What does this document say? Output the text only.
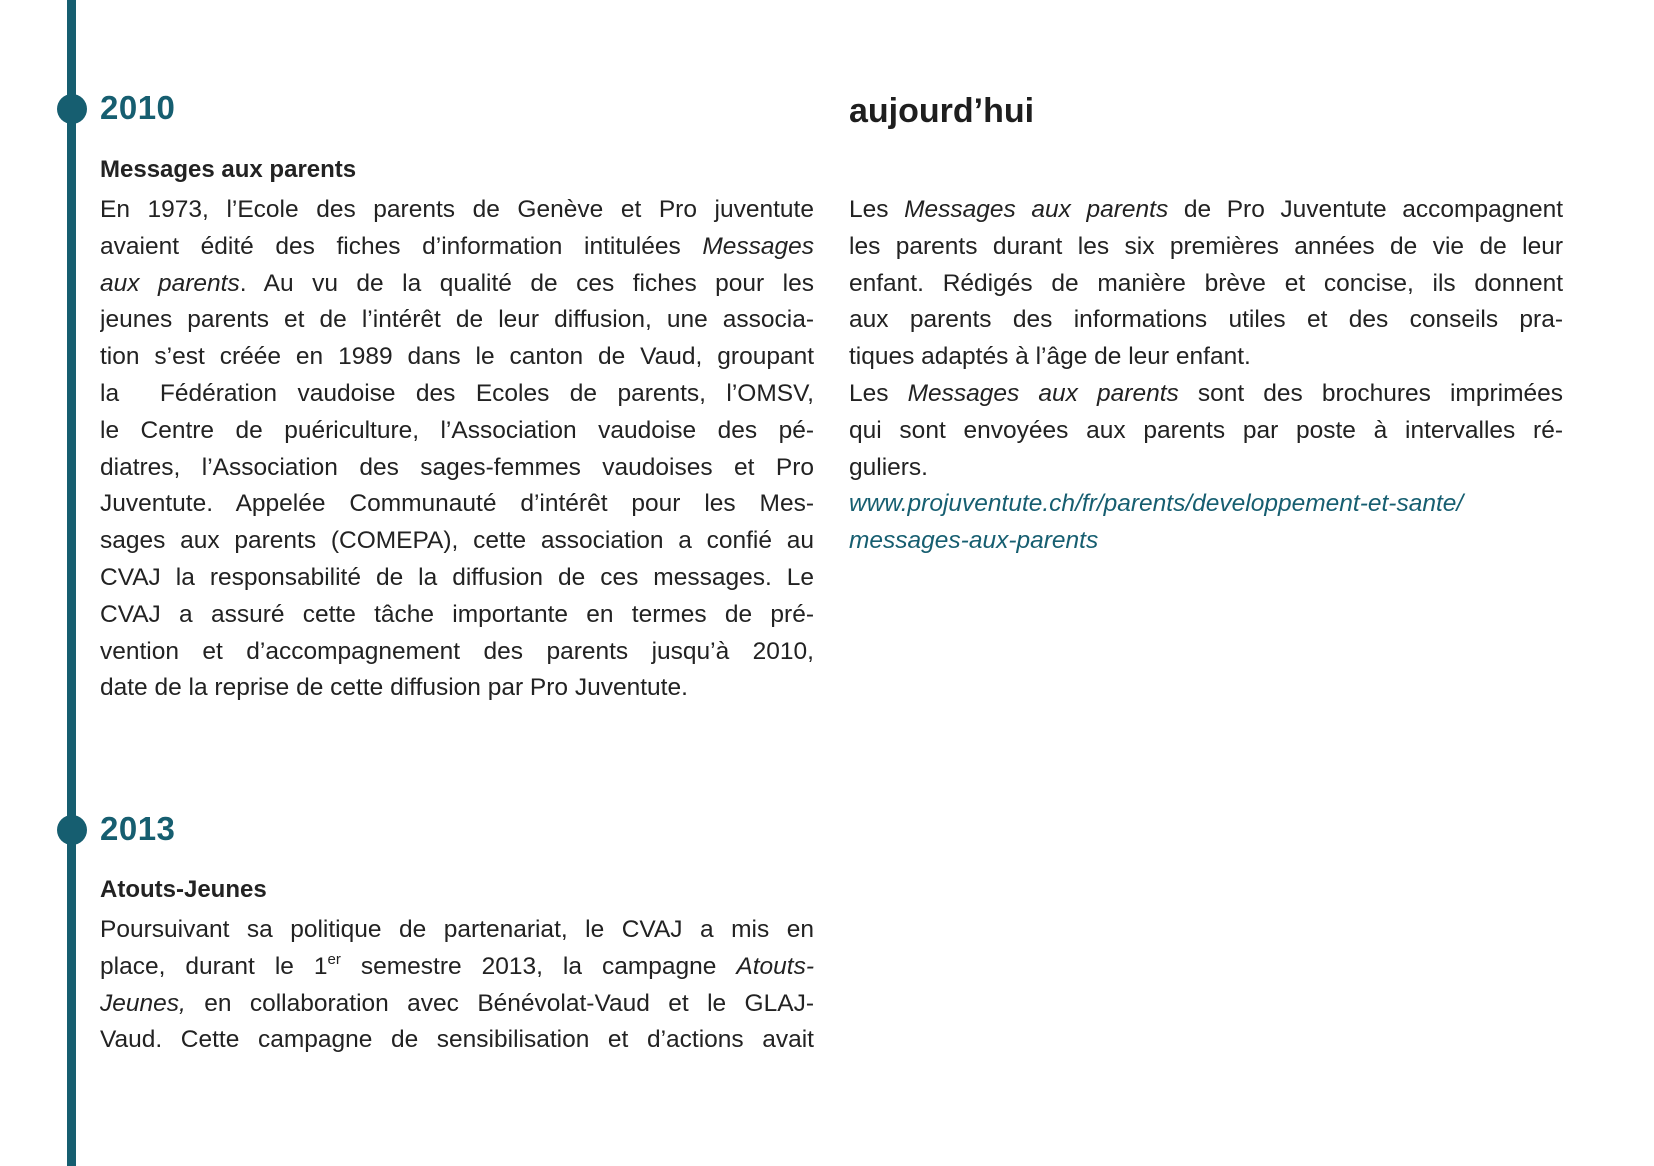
2010
Messages aux parents
En 1973, l’Ecole des parents de Genève et Pro juventute
avaient édité des fiches d’information intitulées Messages
aux parents. Au vu de la qualité de ces fiches pour les
jeunes parents et de l’intérêt de leur diffusion, une associa-
tion s’est créée en 1989 dans le canton de Vaud, groupant
la  Fédération vaudoise des Ecoles de parents, l’OMSV,
le Centre de puériculture, l’Association vaudoise des pé-
diatres, l’Association des sages-femmes vaudoises et Pro
Juventute. Appelée Communauté d’intérêt pour les Mes-
sages aux parents (COMEPA), cette association a confié au
CVAJ la responsabilité de la diffusion de ces messages. Le
CVAJ a assuré cette tâche importante en termes de pré-
vention et d’accompagnement des parents jusqu’à 2010,
date de la reprise de cette diffusion par Pro Juventute.
2013
Atouts-Jeunes
Poursuivant sa politique de partenariat, le CVAJ a mis en
place, durant le 1er semestre 2013, la campagne Atouts-
Jeunes, en collaboration avec Bénévolat-Vaud et le GLAJ-
Vaud. Cette campagne de sensibilisation et d’actions avait
aujourd’hui
Les Messages aux parents de Pro Juventute accompagnent
les parents durant les six premières années de vie de leur
enfant. Rédigés de manière brève et concise, ils donnent
aux parents des informations utiles et des conseils pra-
tiques adaptés à l’âge de leur enfant.
Les Messages aux parents sont des brochures imprimées
qui sont envoyées aux parents par poste à intervalles ré-
guliers.
www.projuventute.ch/fr/parents/developpement-et-sante/
messages-aux-parents
